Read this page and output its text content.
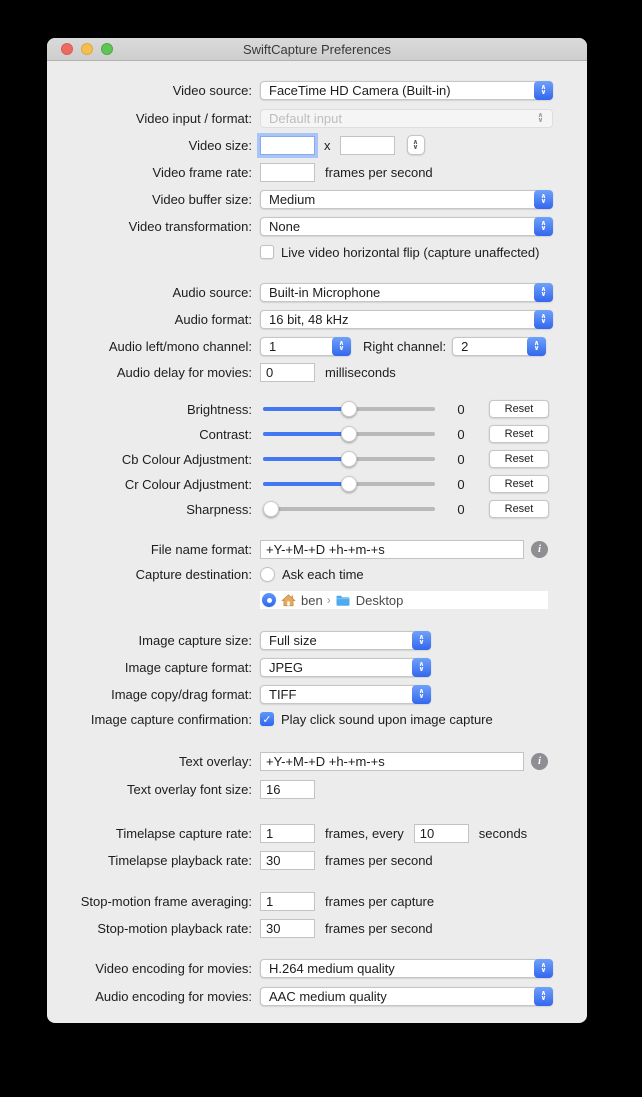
SwiftCapture Preferences
Video source: FaceTime HD Camera (Built-in)	∧
∨
Video input / format: Default input	∧
∨
Video size:	x	∧
∨
Video frame rate:	frames per second
Video buffer size: Medium	∧
∨
Video transformation: None	∧
∨
Live video horizontal flip (capture unaffected)
Audio source: Built-in Microphone	∧
∨
Audio format: 16 bit, 48 kHz	∧
∨
Audio left/mono channel: 1	∧
∨ Right channel: 2	∧
∨
Audio delay for movies: 0	milliseconds
Brightness:	0	Reset
Contrast:	0	Reset
Cb Colour Adjustment:	0	Reset
Cr Colour Adjustment:	0	Reset
Sharpness:	0	Reset
File name format: +Y-+M-+D +h-+m-+s	i
Capture destination: Ask each time
ben › Desktop
Image capture size: Full size	∧
∨
Image capture format: JPEG	∧
∨
Image copy/drag format: TIFF	∧
∨
Image capture confirmation: ✓ Play click sound upon image capture
Text overlay: +Y-+M-+D +h-+m-+s	i
Text overlay font size: 16
Timelapse capture rate: 1	frames, every 10	seconds
Timelapse playback rate: 30	frames per second
Stop-motion frame averaging: 1	frames per capture
Stop-motion playback rate: 30	frames per second
Video encoding for movies: H.264 medium quality	∧
∨
Audio encoding for movies: AAC medium quality	∧
∨
